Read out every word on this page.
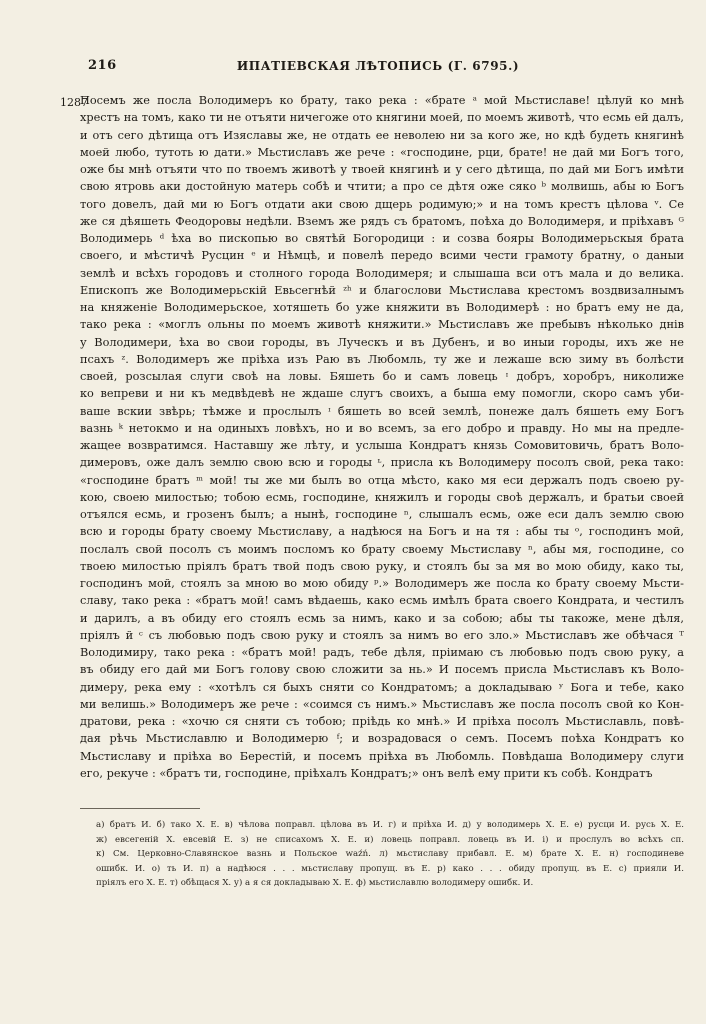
216	ИПАТІЕВСКАЯ ЛѢТОПИСЬ (Г. 6795.)
1287
Посемъ же посла Володимеръ ко брату, тако река : «брате ᵃ мой Мьстиславе! цѣлуй ко мнѣ
хрестъ на томъ, како ти не отъяти ничегоже ото княгини моей, по моемъ животѣ, что есмь ей далъ,
и отъ сего дѣтища отъ Изяславы же, не отдать ее неволею ни за кого же, но кдѣ будеть княгинѣ
моей любо, тутоть ю дати.» Мьстиславъ же рече : «господине, рци, брате! не дай ми Богъ того,
оже бы мнѣ отъяти что по твоемъ животѣ у твоей княгинѣ и у сего дѣтища, по дай ми Богъ имѣти
свою ятровь аки достойную матерь собѣ и чтити; а про се дѣтя оже сяко ᵇ молвишь, абы ю Богъ
того довелъ, дай ми ю Богъ отдати аки свою дщерь родимую;» и на томъ крестъ цѣлова ᵛ. Се
же ся дѣяшеть Феодоровы недѣли. Вземъ же рядъ съ братомъ, поѣха до Володимеря, и пріѣхавъ ᴳ
Володимерь ᵈ ѣха во пископью во святѣй Богородици : и созва бояры Володимерьскыя брата
своего, и мѣстичѣ Русцин ᵉ и Нѣмцѣ, и повелѣ передо всими чести грамоту братну, о даныи
землѣ и всѣхъ городовъ и столного города Володимеря; и слышаша вси отъ мала и до велика.
Епископъ же Володимерьскій Евьсегнѣй ᶻʰ и благослови Мьстислава крестомъ воздвизалнымъ
на княженіе Володимерьское, хотяшеть бо уже княжити въ Володимерѣ : но братъ ему не да,
тако река : «моглъ ольны по моемъ животѣ княжити.» Мьстиславъ же пребывъ нѣколько днів
у Володимери, ѣха во свои городы, въ Луческъ и въ Дубенъ, и во иныи городы, ихъ же не
псахъ ᶻ. Володимеръ же пріѣха изъ Раю въ Любомль, ту же и лежаше всю зиму въ болѣсти
своей, розсылая слуги своѣ на ловы. Бяшеть бо и самъ ловець ᶦ добръ, хоробръ, николиже
ко вепреви и ни къ медвѣдевѣ не ждаше слугъ своихъ, а быша ему помогли, скоро самъ уби-
ваше вскии звѣрь; тѣмже и прослылъ ᶦ бяшеть во всей землѣ, понеже далъ бяшеть ему Богъ
вазнь ᵏ нетокмо и на одиныхъ ловѣхъ, но и во всемъ, за его добро и правду. Но мы на предле-
жащее возвратимся. Наставшу же лѣту, и услыша Кондратъ князь Сомовитовичь, братъ Воло-
димеровъ, оже далъ землю свою всю и городы ᶫ, присла къ Володимеру посолъ свой, река тако:
«господине братъ ᵐ мой! ты же ми былъ во отца мѣсто, како мя еси держалъ подъ своею ру-
кою, своею милостью; тобою есмь, господине, княжилъ и городы своѣ держалъ, и братьи своей
отъялся есмь, и грозенъ былъ; а нынѣ, господине ⁿ, слышалъ есмь, оже еси далъ землю свою
всю и городы брату своему Мьстиславу, а надѣюся на Богъ и на тя : абы ты ᵒ, господинъ мой,
послалъ свой посолъ съ моимъ посломъ ко брату своему Мьстиславу ⁿ, абы мя, господине, со
твоею милостью пріялъ братъ твой подъ свою руку, и стоялъ бы за мя во мою обиду, како ты,
господинъ мой, стоялъ за мною во мою обиду ᵖ.» Володимеръ же посла ко брату своему Мьсти-
славу, тако река : «братъ мой! самъ вѣдаешь, како есмь имѣлъ брата своего Кондрата, и честилъ
и дарилъ, а въ обиду его стоялъ есмь за нимъ, како и за собою; абы ты такоже, мене дѣля,
пріялъ й ᶜ съ любовью подъ свою руку и стоялъ за нимъ во его зло.» Мьстиславъ же обѣчася ᵀ
Володимиру, тако река : «братъ мой! радъ, тебе дѣля, пріимаю съ любовью подъ свою руку, а
въ обиду его дай ми Богъ голову свою сложити за нь.» И посемъ присла Мьстиславъ къ Воло-
димеру, река ему : «хотѣлъ ся быхъ сняти со Кондратомъ; а докладываю ʸ Бога и тебе, како
ми велишь.» Володимеръ же рече : «соимся съ нимъ.» Мьстиславъ же посла посолъ свой ко Кон-
дратови, река : «хочю ся сняти съ тобою; пріѣдь ко мнѣ.» И пріѣха посолъ Мьстиславль, повѣ-
дая рѣчь Мьстиславлю и Володимерю ᶠ; и возрадовася о семъ. Посемъ поѣха Кондратъ ко
Мьстиславу и пріѣха во Берестій, и посемъ пріѣха въ Любомль. Повѣдаша Володимеру слуги
его, рекуче : «братъ ти, господине, пріѣхалъ Кондратъ;» онъ велѣ ему прити къ собѣ. Кондратъ
а) братъ И. б) тако Х. Е. в) чѣлова поправл. цѣлова въ И. г) и пріѣха И. д) у володимерь Х. Е. е) русци И. русь Х. Е.
ж) евсегеній Х. евсевій Е. з) не списахомъ Х. Е. и) ловець поправл. ловець въ И. і) и прослулъ во всѣхъ сп.
к) См. Церковно-Славянское вазнь и Польское waźń. л) мьстиславу прибавл. Е. м) брате Х. Е. н) господиневе
ошибк. И. о) ть И. п) а надѣюся . . . мьстиславу пропущ. въ Е. р) како . . . обиду пропущ. въ Е. с) прияли И.
пріялъ его Х. Е. т) обѣщася Х. у) а я ся докладываю Х. Е. ф) мьстиславлю володимеру ошибк. И.
